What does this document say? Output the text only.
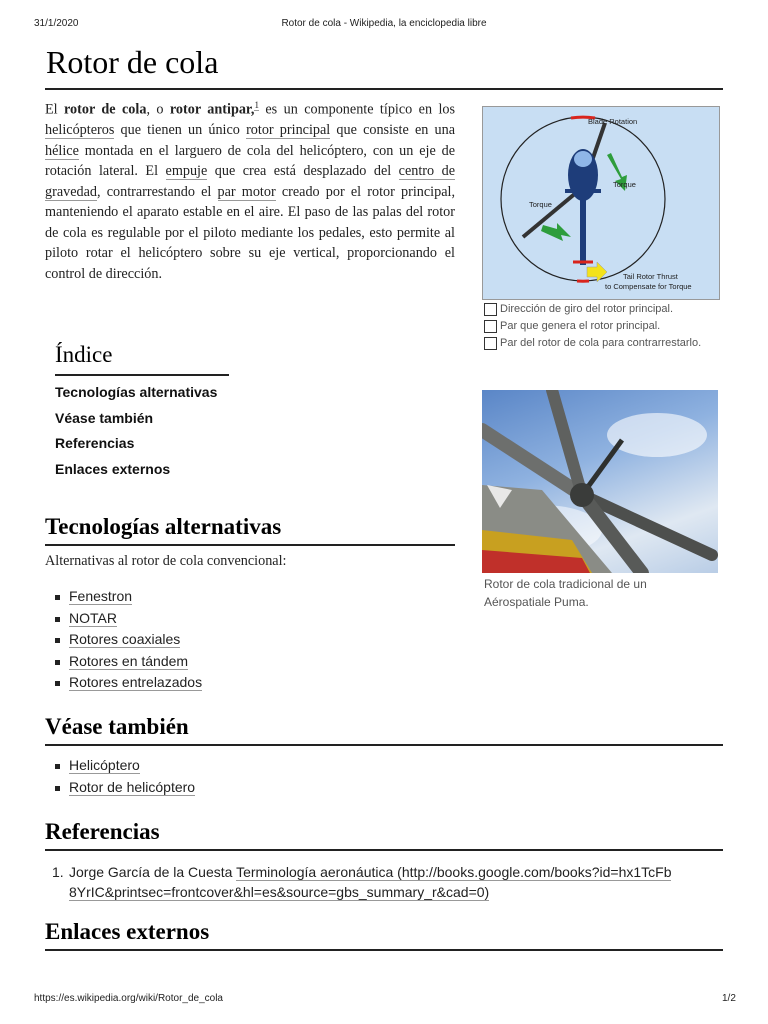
31/1/2020	Rotor de cola - Wikipedia, la enciclopedia libre
Rotor de cola
El rotor de cola, o rotor antipar,$^1$ es un componente típico en los helicópteros que tienen un único rotor principal que consiste en una hélice montada en el larguero de cola del helicóptero, con un eje de rotación lateral. El empuje que crea está desplazado del centro de gravedad, contrarrestando el par motor creado por el rotor principal, manteniendo el aparato estable en el aire. El paso de las palas del rotor de cola es regulable por el piloto mediante los pedales, esto permite al piloto rotar el helicóptero sobre su eje vertical, proporcionando el control de dirección.
Blade Rotation
Torque
Torque
Tail Rotor Thrust
to Compensate for Torque
Dirección de giro del rotor principal.
Par que genera el rotor principal.
Par del rotor de cola para contrarrestarlo.
Rotor de cola tradicional de un Aérospatiale Puma.
Índice
Tecnologías alternativas
Véase también
Referencias
Enlaces externos
Tecnologías alternativas
Alternativas al rotor de cola convencional:
Fenestron
NOTAR
Rotores coaxiales
Rotores en tándem
Rotores entrelazados
Véase también
Helicóptero
Rotor de helicóptero
Referencias
1. Jorge García de la Cuesta Terminología aeronáutica (http://books.google.com/books?id=hx1TcFb
8YrIC&printsec=frontcover&hl=es&source=gbs_summary_r&cad=0)
Enlaces externos
https://es.wikipedia.org/wiki/Rotor_de_cola	1/2
